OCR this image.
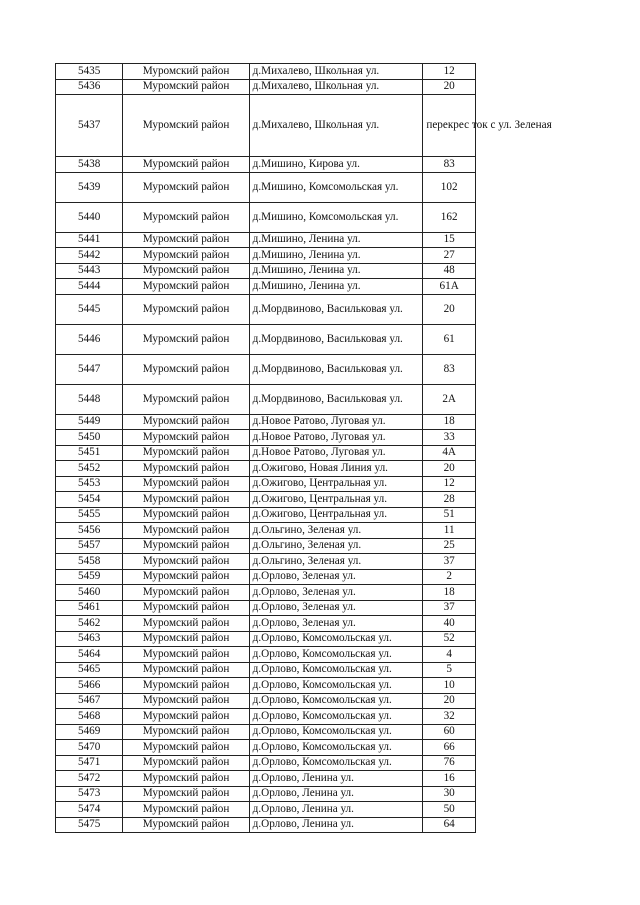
5435	Муромский район	д.Михалево, Школьная ул.	12
5436	Муромский район	д.Михалево, Школьная ул.	20
5437	Муромский район	д.Михалево, Школьная ул.	перекрес ток с ул. Зеленая
5438	Муромский район	д.Мишино, Кирова ул.	83
5439	Муромский район	д.Мишино, Комсомольская ул.	102
5440	Муромский район	д.Мишино, Комсомольская ул.	162
5441	Муромский район	д.Мишино, Ленина ул.	15
5442	Муромский район	д.Мишино, Ленина ул.	27
5443	Муромский район	д.Мишино, Ленина ул.	48
5444	Муромский район	д.Мишино, Ленина ул.	61А
5445	Муромский район	д.Мордвиново, Васильковая ул.	20
5446	Муромский район	д.Мордвиново, Васильковая ул.	61
5447	Муромский район	д.Мордвиново, Васильковая ул.	83
5448	Муромский район	д.Мордвиново, Васильковая ул.	2А
5449	Муромский район	д.Новое Ратово, Луговая ул.	18
5450	Муромский район	д.Новое Ратово, Луговая ул.	33
5451	Муромский район	д.Новое Ратово, Луговая ул.	4А
5452	Муромский район	д.Ожигово, Новая Линия ул.	20
5453	Муромский район	д.Ожигово, Центральная ул.	12
5454	Муромский район	д.Ожигово, Центральная ул.	28
5455	Муромский район	д.Ожигово, Центральная ул.	51
5456	Муромский район	д.Ольгино, Зеленая ул.	11
5457	Муромский район	д.Ольгино, Зеленая ул.	25
5458	Муромский район	д.Ольгино, Зеленая ул.	37
5459	Муромский район	д.Орлово, Зеленая ул.	2
5460	Муромский район	д.Орлово, Зеленая ул.	18
5461	Муромский район	д.Орлово, Зеленая ул.	37
5462	Муромский район	д.Орлово, Зеленая ул.	40
5463	Муромский район	д.Орлово, Комсомольская ул.	52
5464	Муромский район	д.Орлово, Комсомольская ул.	4
5465	Муромский район	д.Орлово, Комсомольская ул.	5
5466	Муромский район	д.Орлово, Комсомольская ул.	10
5467	Муромский район	д.Орлово, Комсомольская ул.	20
5468	Муромский район	д.Орлово, Комсомольская ул.	32
5469	Муромский район	д.Орлово, Комсомольская ул.	60
5470	Муромский район	д.Орлово, Комсомольская ул.	66
5471	Муромский район	д.Орлово, Комсомольская ул.	76
5472	Муромский район	д.Орлово, Ленина ул.	16
5473	Муромский район	д.Орлово, Ленина ул.	30
5474	Муромский район	д.Орлово, Ленина ул.	50
5475	Муромский район	д.Орлово, Ленина ул.	64
